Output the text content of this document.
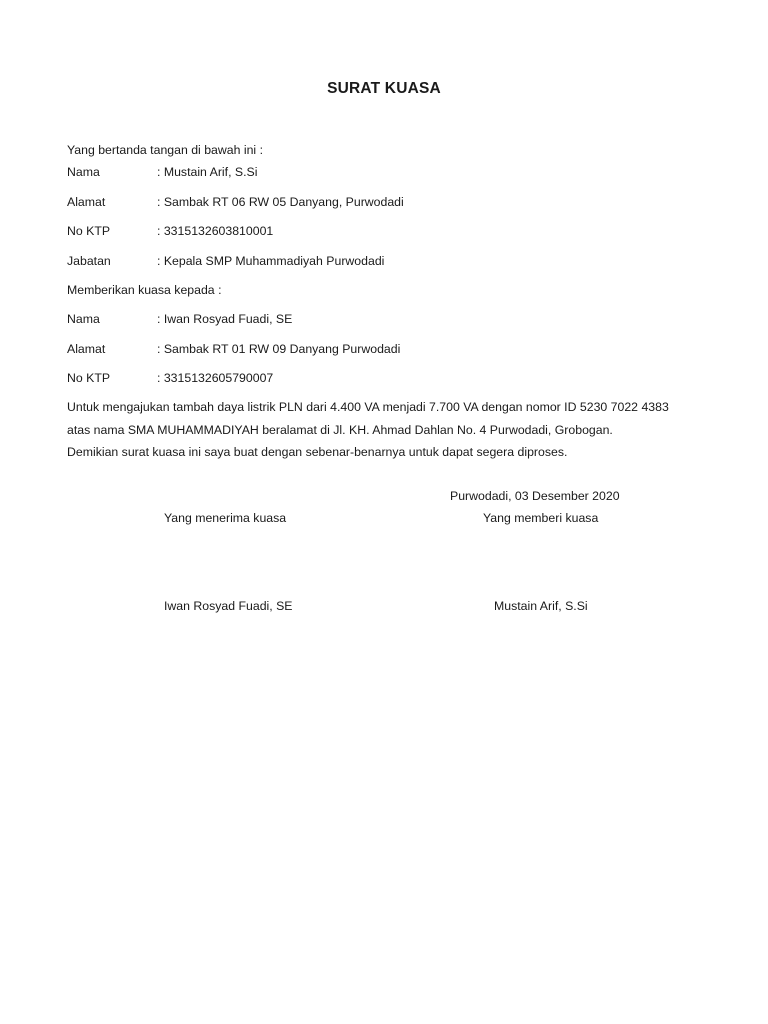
SURAT KUASA
Yang bertanda tangan di bawah ini :
Nama	: Mustain Arif, S.Si
Alamat	: Sambak RT 06 RW 05 Danyang, Purwodadi
No KTP	: 3315132603810001
Jabatan	: Kepala SMP Muhammadiyah Purwodadi
Memberikan kuasa kepada :
Nama	: Iwan Rosyad Fuadi, SE
Alamat	: Sambak RT 01 RW 09 Danyang Purwodadi
No KTP	: 3315132605790007
Untuk mengajukan tambah daya listrik PLN dari 4.400 VA menjadi 7.700 VA dengan nomor ID 5230 7022 4383
atas nama SMA MUHAMMADIYAH beralamat di Jl. KH. Ahmad Dahlan No. 4 Purwodadi, Grobogan.
Demikian surat kuasa ini saya buat dengan sebenar-benarnya untuk dapat segera diproses.
Purwodadi, 03 Desember 2020
Yang menerima kuasa	Yang memberi kuasa
Iwan Rosyad Fuadi, SE	Mustain Arif, S.Si
